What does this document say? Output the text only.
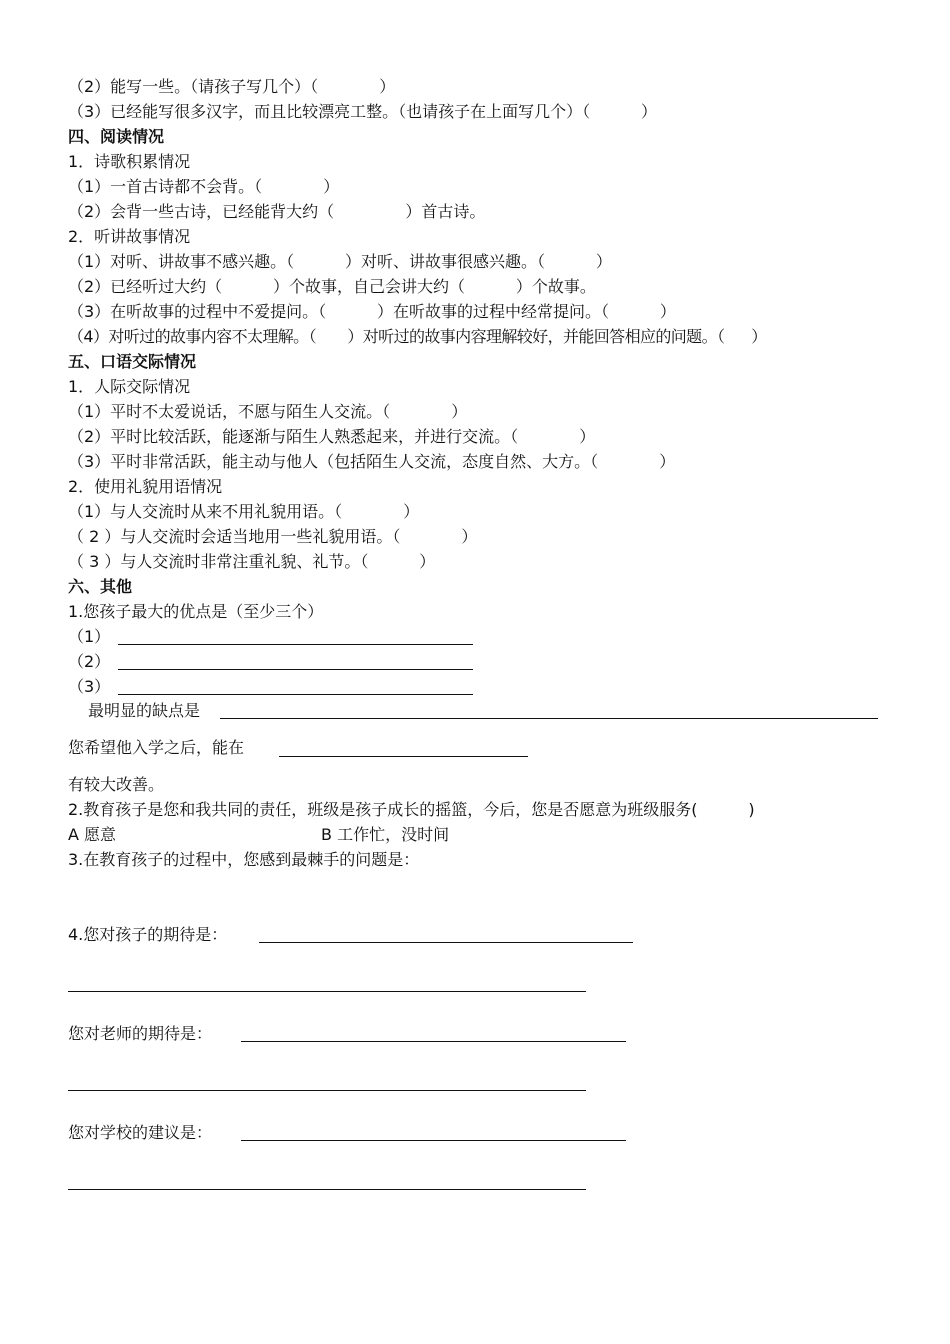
（2）能写一些。（请孩子写几个）（            ）
（3）已经能写很多汉字，而且比较漂亮工整。（也请孩子在上面写几个）（          ）
四、阅读情况
1．诗歌积累情况
（1）一首古诗都不会背。（            ）
（2）会背一些古诗，已经能背大约（              ）首古诗。
2．听讲故事情况
（1）对听、讲故事不感兴趣。（          ）对听、讲故事很感兴趣。（          ）
（2）已经听过大约（          ）个故事，自己会讲大约（          ）个故事。
（3）在听故事的过程中不爱提问。（          ）在听故事的过程中经常提问。（          ）
（4）对听过的故事内容不太理解。（       ）对听过的故事内容理解较好，并能回答相应的问题。（      ）
五、口语交际情况
1．人际交际情况
（1）平时不太爱说话，不愿与陌生人交流。（            ）
（2）平时比较活跃，能逐渐与陌生人熟悉起来，并进行交流。（            ）
（3）平时非常活跃，能主动与他人（包括陌生人交流，态度自然、大方。（            ）
2．使用礼貌用语情况
（1）与人交流时从来不用礼貌用语。（            ）
（ 2 ）与人交流时会适当地用一些礼貌用语。（            ）
（ 3 ）与人交流时非常注重礼貌、礼节。（          ）
六、其他
1.您孩子最大的优点是（至少三个）
（1）
（2）
（3）
最明显的缺点是
您希望他入学之后，能在
有较大改善。
2.教育孩子是您和我共同的责任，班级是孩子成长的摇篮，今后，您是否愿意为班级服务(          )
A 愿意	B 工作忙，没时间
3.在教育孩子的过程中，您感到最棘手的问题是：
4.您对孩子的期待是：
您对老师的期待是：
您对学校的建议是：
